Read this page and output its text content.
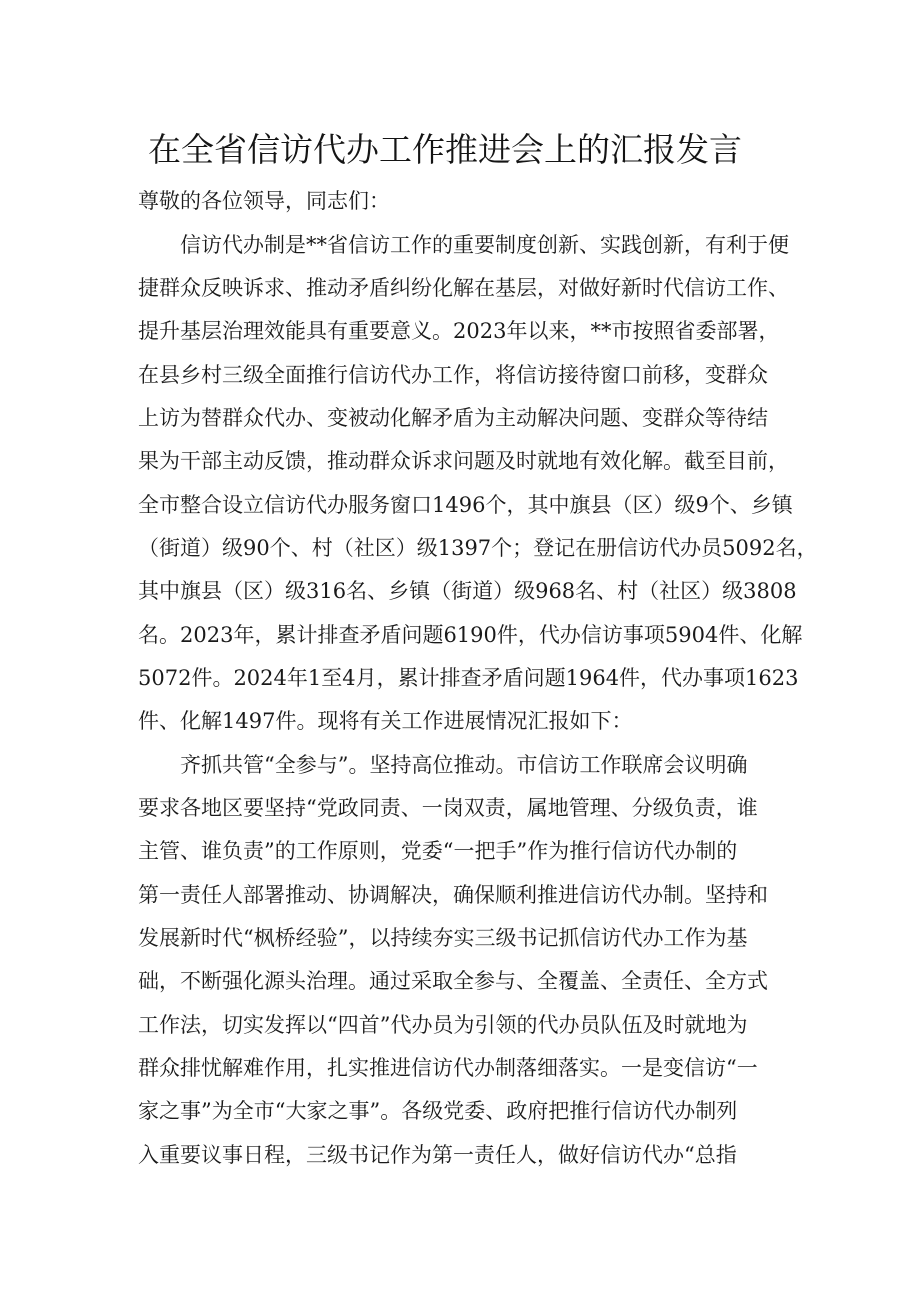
在全省信访代办工作推进会上的汇报发言
尊敬的各位领导，同志们：
信访代办制是**省信访工作的重要制度创新、实践创新，有利于便
捷群众反映诉求、推动矛盾纠纷化解在基层，对做好新时代信访工作、
提升基层治理效能具有重要意义。2023年以来，**市按照省委部署，
在县乡村三级全面推行信访代办工作，将信访接待窗口前移，变群众
上访为替群众代办、变被动化解矛盾为主动解决问题、变群众等待结
果为干部主动反馈，推动群众诉求问题及时就地有效化解。截至目前，
全市整合设立信访代办服务窗口1496个，其中旗县（区）级9个、乡镇
（街道）级90个、村（社区）级1397个；登记在册信访代办员5092名，
其中旗县（区）级316名、乡镇（街道）级968名、村（社区）级3808
名。2023年，累计排查矛盾问题6190件，代办信访事项5904件、化解
5072件。2024年1至4月，累计排查矛盾问题1964件，代办事项1623
件、化解1497件。现将有关工作进展情况汇报如下：
齐抓共管“全参与”。坚持高位推动。市信访工作联席会议明确
要求各地区要坚持“党政同责、一岗双责，属地管理、分级负责，谁
主管、谁负责”的工作原则，党委“一把手”作为推行信访代办制的
第一责任人部署推动、协调解决，确保顺利推进信访代办制。坚持和
发展新时代“枫桥经验”，以持续夯实三级书记抓信访代办工作为基
础，不断强化源头治理。通过采取全参与、全覆盖、全责任、全方式
工作法，切实发挥以“四首”代办员为引领的代办员队伍及时就地为
群众排忧解难作用，扎实推进信访代办制落细落实。一是变信访“一
家之事”为全市“大家之事”。各级党委、政府把推行信访代办制列
入重要议事日程，三级书记作为第一责任人，做好信访代办“总指
